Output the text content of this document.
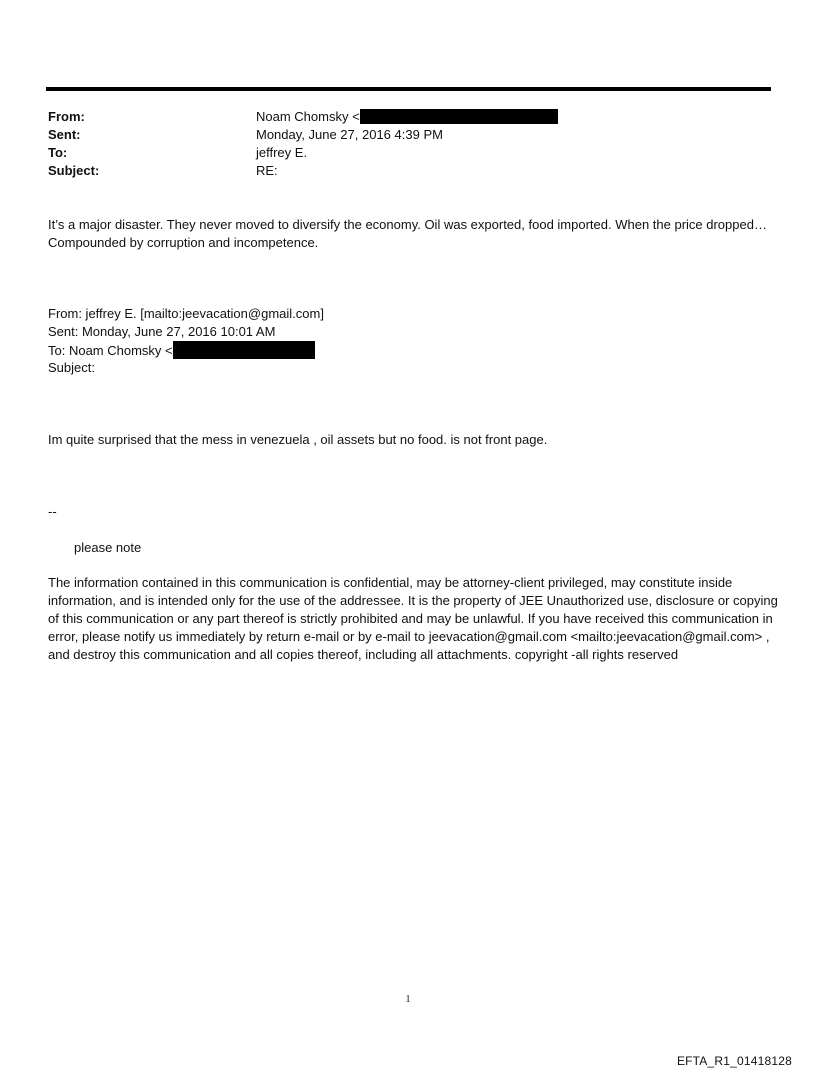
From:	Noam Chomsky <
Sent:	Monday, June 27, 2016 4:39 PM
To:	jeffrey E.
Subject:	RE:

It’s a major disaster. They never moved to diversify the economy. Oil was exported, food imported. When the price dropped… Compounded by corruption and incompetence.

From: jeffrey E. [mailto:jeevacation@gmail.com]
Sent: Monday, June 27, 2016 10:01 AM
To: Noam Chomsky <
Subject:

Im quite surprised that the mess in venezuela , oil assets but no food. is not front page.

--
please note

The information contained in this communication is confidential, may be attorney-client privileged, may constitute inside information, and is intended only for the use of the addressee. It is the property of JEE Unauthorized use, disclosure or copying of this communication or any part thereof is strictly prohibited and may be unlawful. If you have received this communication in error, please notify us immediately by return e-mail or by e-mail to jeevacation@gmail.com <mailto:jeevacation@gmail.com> , and destroy this communication and all copies thereof, including all attachments. copyright -all rights reserved

1
EFTA_R1_01418128
